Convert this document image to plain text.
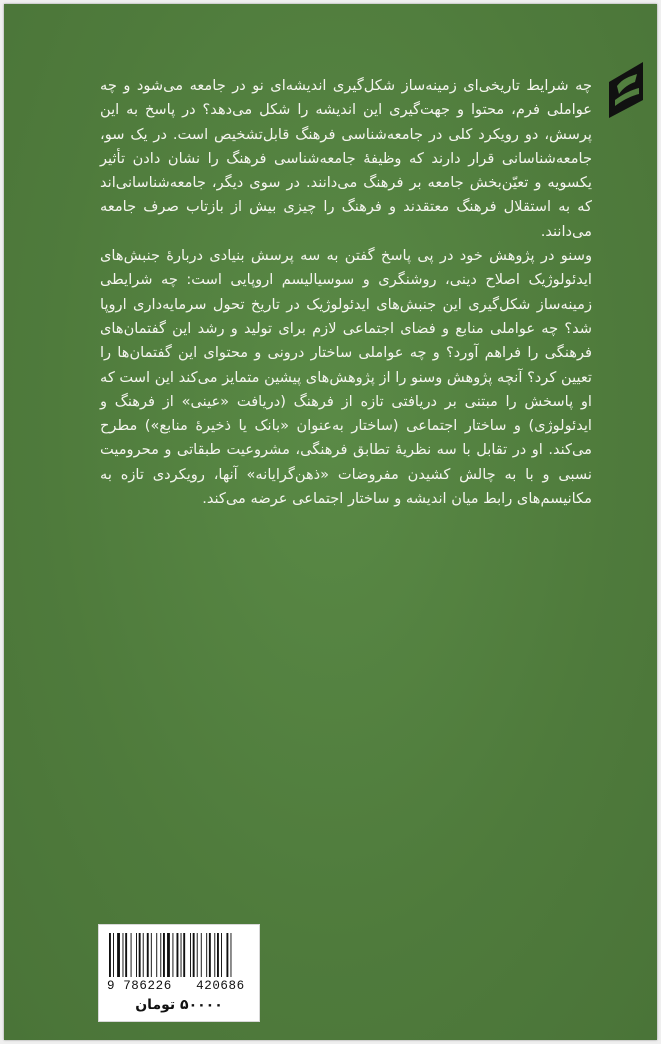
چه شرایط تاریخی‌ای زمینه‌ساز شکل‌گیری اندیشه‌ای نو در جامعه می‌شود و چه عواملی فرم، محتوا و جهت‌گیری این اندیشه را شکل می‌دهد؟ در پاسخ به این پرسش، دو رویکرد کلی در جامعه‌شناسی فرهنگ قابل‌تشخیص است. در یک سو، جامعه‌شناسانی قرار دارند که وظیفهٔ جامعه‌شناسی فرهنگ را نشان دادن تأثیر یکسویه و تعیّن‌بخش جامعه بر فرهنگ می‌دانند. در سوی دیگر، جامعه‌شناسانی‌اند که به استقلال فرهنگ معتقدند و فرهنگ را چیزی بیش از بازتاب صرف جامعه می‌دانند.

وسنو در پژوهش خود در پی پاسخ گفتن به سه پرسش بنیادی دربارهٔ جنبش‌های ایدئولوژیک اصلاح دینی، روشنگری و سوسیالیسم اروپایی است: چه شرایطی زمینه‌ساز شکل‌گیری این جنبش‌های ایدئولوژیک در تاریخ تحول سرمایه‌داری اروپا شد؟ چه عواملی منابع و فضای اجتماعی لازم برای تولید و رشد این گفتمان‌های فرهنگی را فراهم آورد؟ و چه عواملی ساختار درونی و محتوای این گفتمان‌ها را تعیین کرد؟ آنچه پژوهش وسنو را از پژوهش‌های پیشین متمایز می‌کند این است که او پاسخش را مبتنی بر دریافتی تازه از فرهنگ (دریافت «عینی» از فرهنگ و ایدئولوژی) و ساختار اجتماعی (ساختار به‌عنوان «بانک یا ذخیرهٔ منابع») مطرح می‌کند. او در تقابل با سه نظریهٔ تطابق فرهنگی، مشروعیت طبقاتی و محرومیت نسبی و با به چالش کشیدن مفروضات «ذهن‌گرایانه» آنها، رویکردی تازه به مکانیسم‌های رابط میان اندیشه و ساختار اجتماعی عرضه می‌کند.

9 786226   420686
۵۰۰۰۰ تومان
